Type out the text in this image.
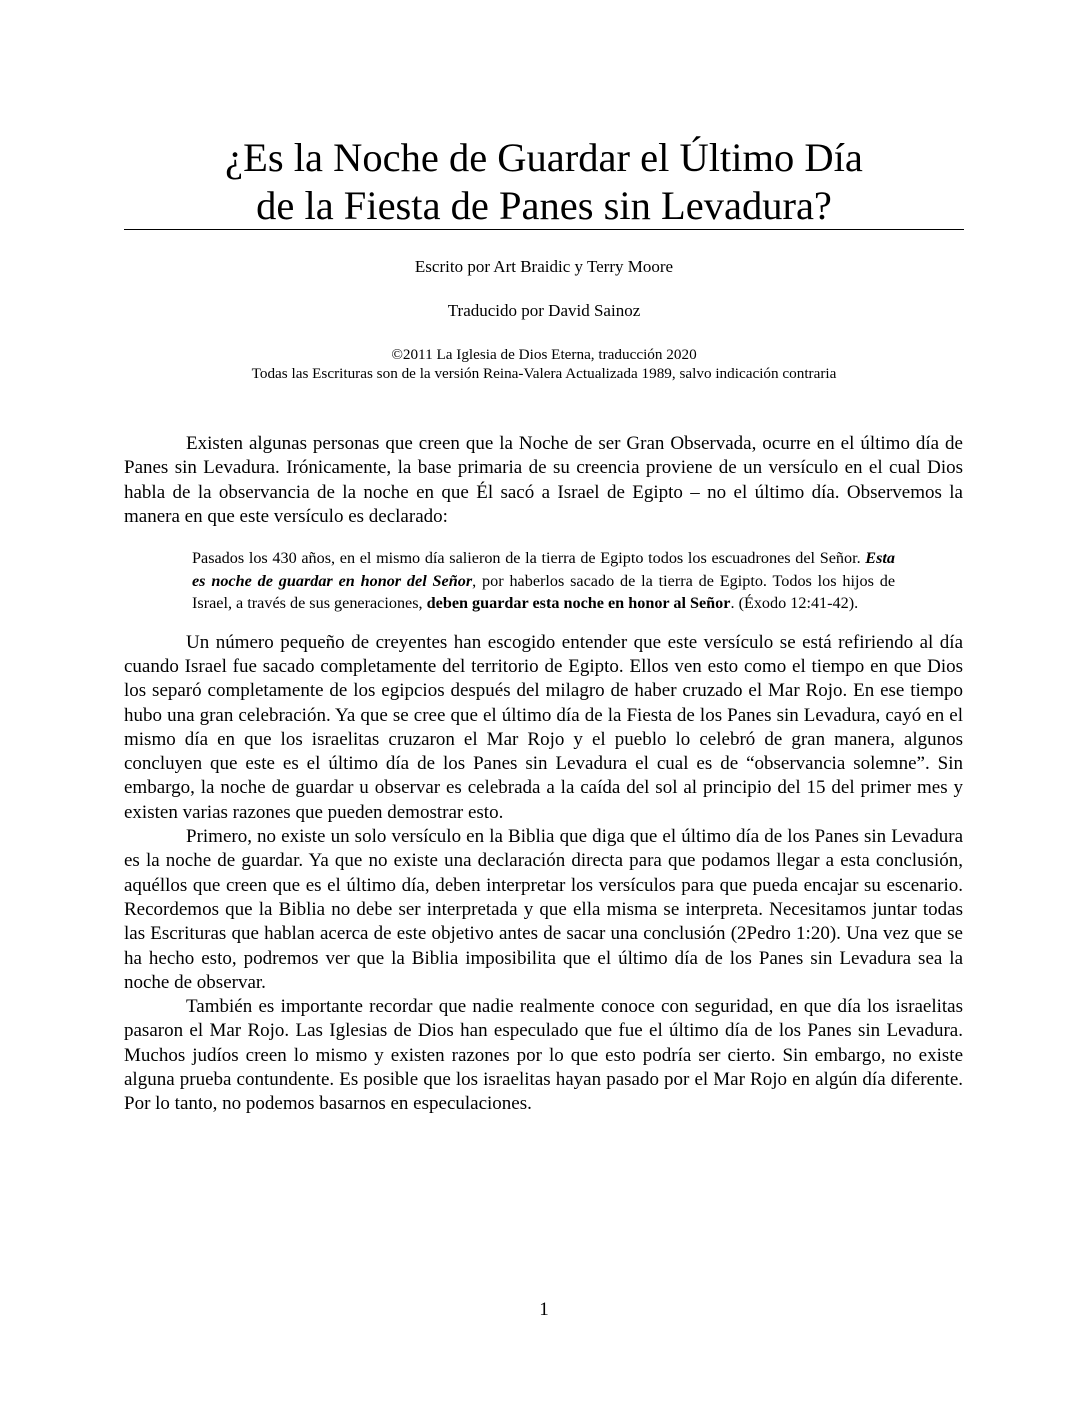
¿Es la Noche de Guardar el Último Día
de la Fiesta de Panes sin Levadura?
Escrito por Art Braidic y Terry Moore
Traducido por David Sainoz
©2011 La Iglesia de Dios Eterna, traducción 2020
Todas las Escrituras son de la versión Reina-Valera Actualizada 1989, salvo indicación contraria

Existen algunas personas que creen que la Noche de ser Gran Observada, ocurre en el último día de Panes sin Levadura. Irónicamente, la base primaria de su creencia proviene de un versículo en el cual Dios habla de la observancia de la noche en que Él sacó a Israel de Egipto – no el último día. Observemos la manera en que este versículo es declarado:

Pasados los 430 años, en el mismo día salieron de la tierra de Egipto todos los escuadrones del Señor. Esta es noche de guardar en honor del Señor, por haberlos sacado de la tierra de Egipto. Todos los hijos de Israel, a través de sus generaciones, deben guardar esta noche en honor al Señor. (Éxodo 12:41-42).

Un número pequeño de creyentes han escogido entender que este versículo se está refiriendo al día cuando Israel fue sacado completamente del territorio de Egipto. Ellos ven esto como el tiempo en que Dios los separó completamente de los egipcios después del milagro de haber cruzado el Mar Rojo. En ese tiempo hubo una gran celebración. Ya que se cree que el último día de la Fiesta de los Panes sin Levadura, cayó en el mismo día en que los israelitas cruzaron el Mar Rojo y el pueblo lo celebró de gran manera, algunos concluyen que este es el último día de los Panes sin Levadura el cual es de “observancia solemne”. Sin embargo, la noche de guardar u observar es celebrada a la caída del sol al principio del 15 del primer mes y existen varias razones que pueden demostrar esto.

Primero, no existe un solo versículo en la Biblia que diga que el último día de los Panes sin Levadura es la noche de guardar. Ya que no existe una declaración directa para que podamos llegar a esta conclusión, aquéllos que creen que es el último día, deben interpretar los versículos para que pueda encajar su escenario. Recordemos que la Biblia no debe ser interpretada y que ella misma se interpreta. Necesitamos juntar todas las Escrituras que hablan acerca de este objetivo antes de sacar una conclusión (2Pedro 1:20). Una vez que se ha hecho esto, podremos ver que la Biblia imposibilita que el último día de los Panes sin Levadura sea la noche de observar.

También es importante recordar que nadie realmente conoce con seguridad, en que día los israelitas pasaron el Mar Rojo. Las Iglesias de Dios han especulado que fue el último día de los Panes sin Levadura. Muchos judíos creen lo mismo y existen razones por lo que esto podría ser cierto. Sin embargo, no existe alguna prueba contundente. Es posible que los israelitas hayan pasado por el Mar Rojo en algún día diferente. Por lo tanto, no podemos basarnos en especulaciones.

1
